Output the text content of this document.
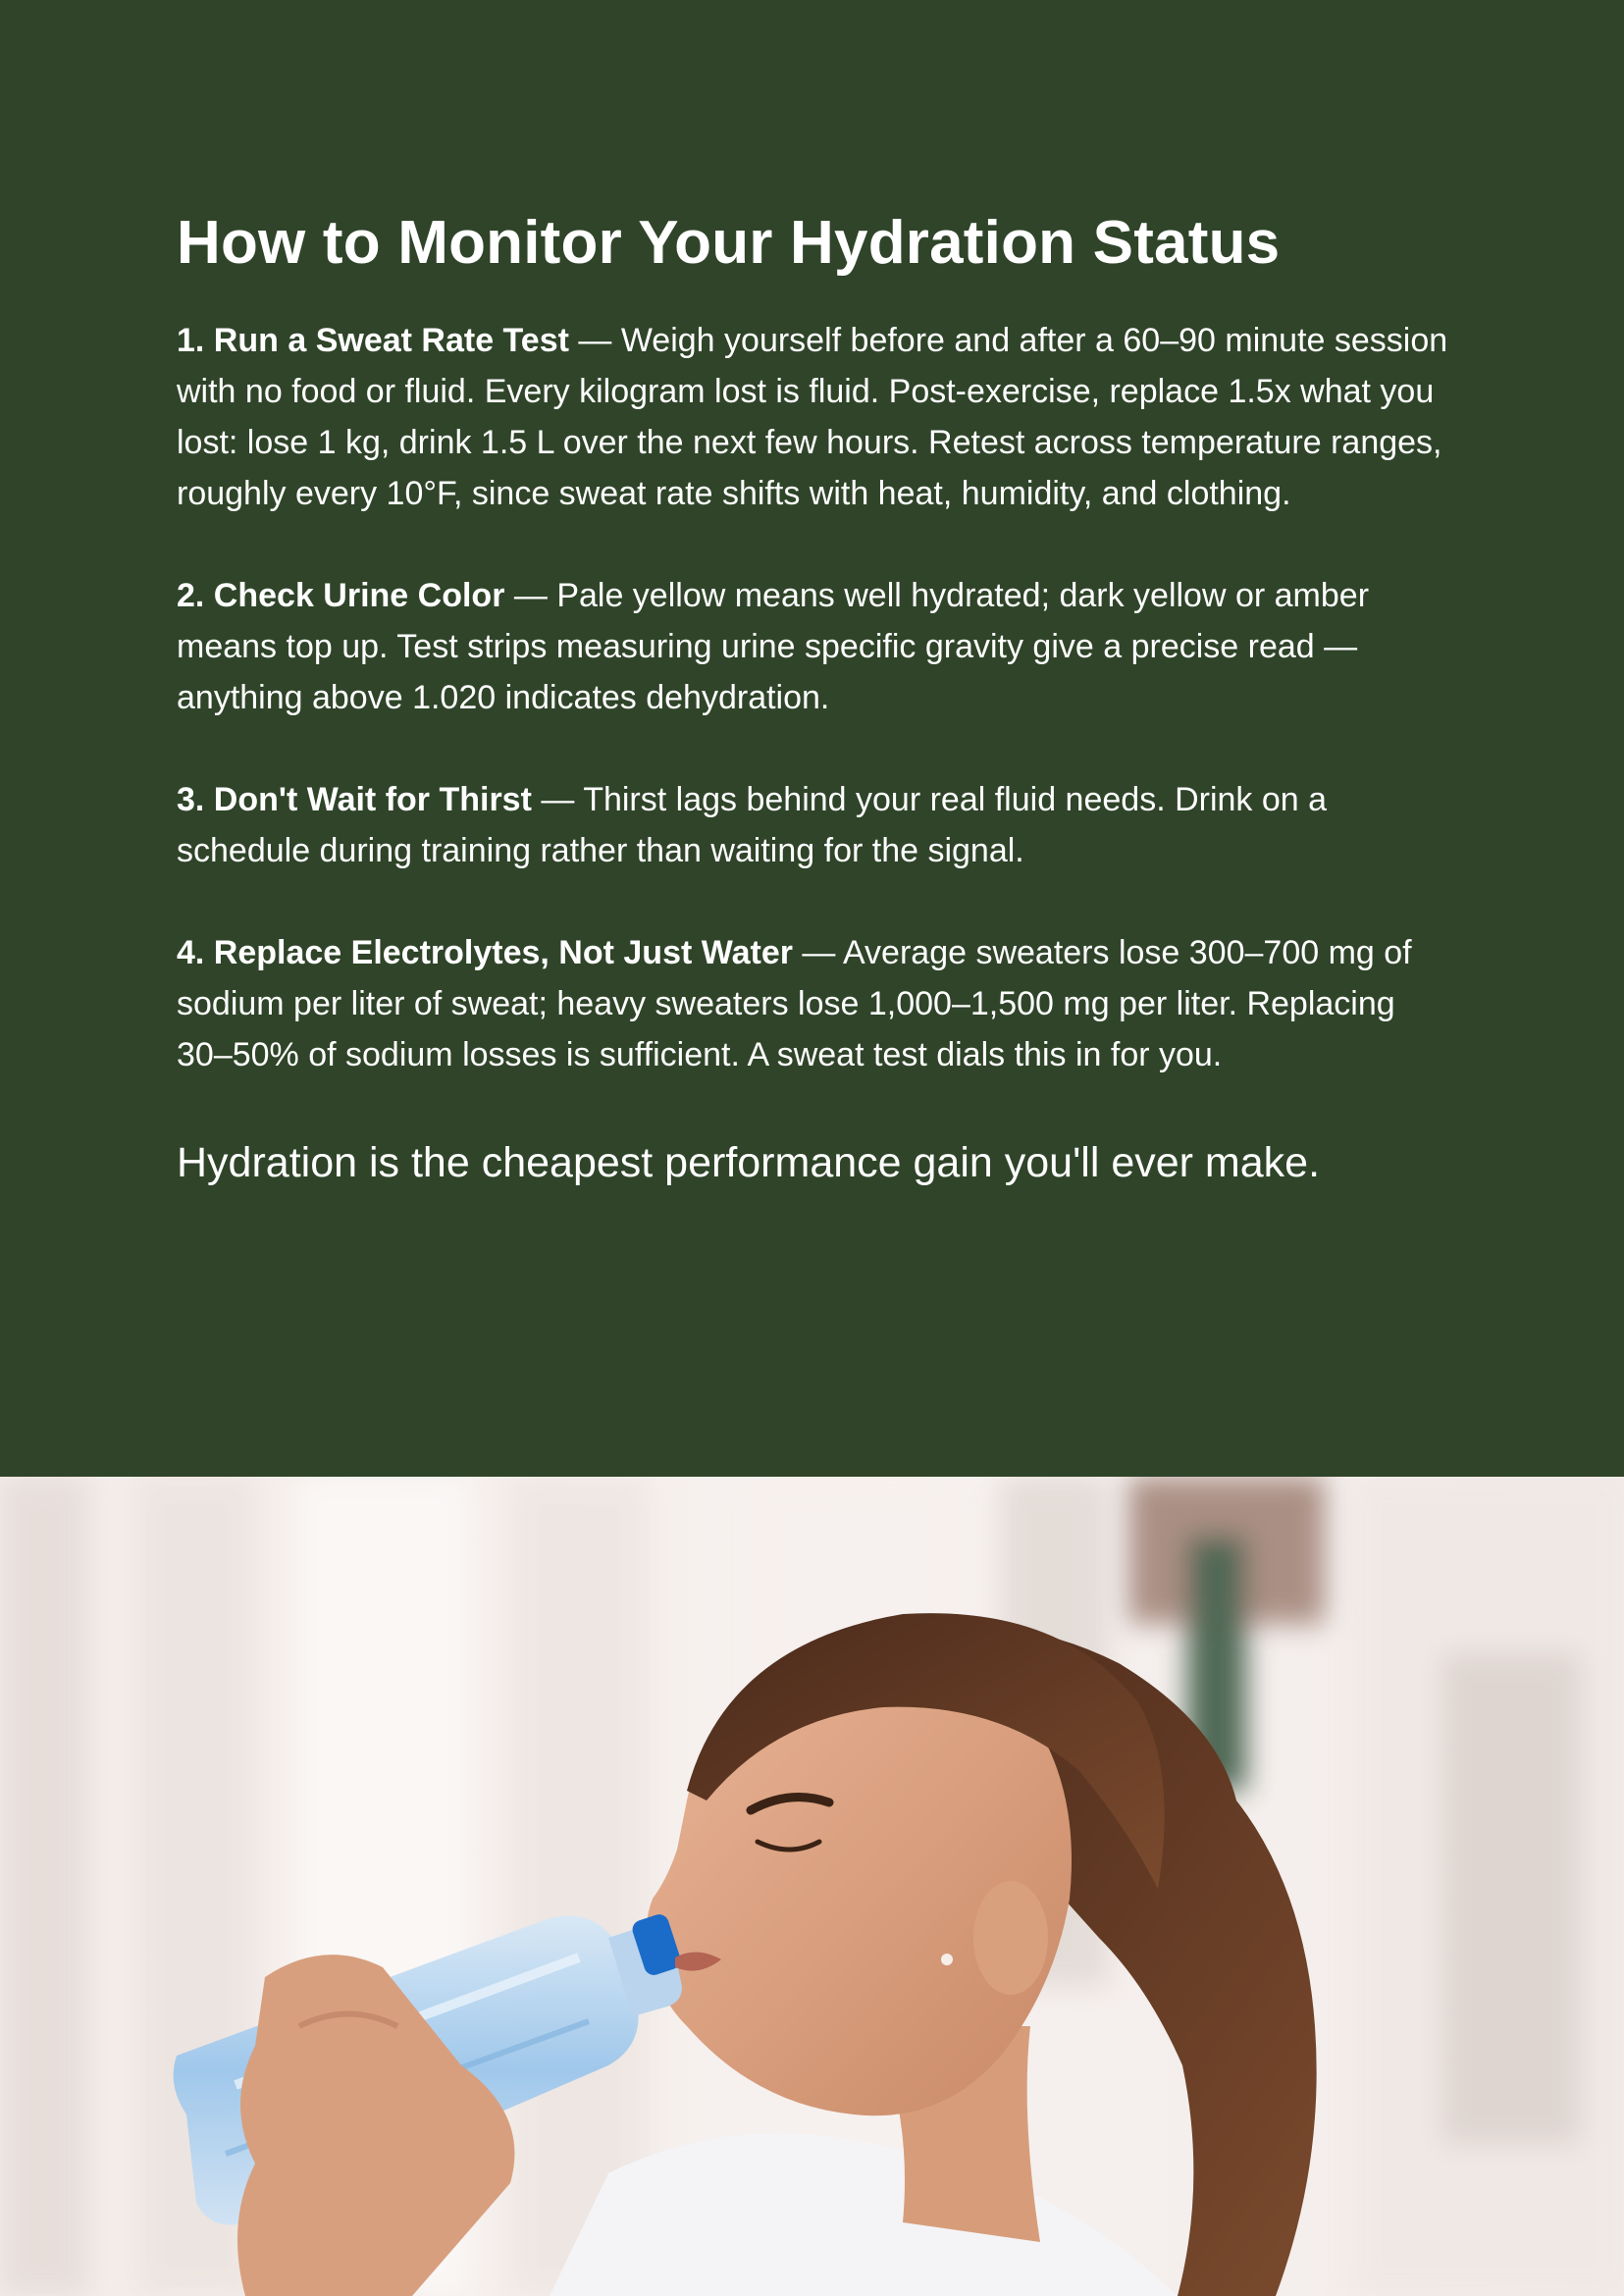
How to Monitor Your Hydration Status

1. Run a Sweat Rate Test — Weigh yourself before and after a 60–90 minute session with no food or fluid. Every kilogram lost is fluid. Post-exercise, replace 1.5x what you lost: lose 1 kg, drink 1.5 L over the next few hours. Retest across temperature ranges, roughly every 10°F, since sweat rate shifts with heat, humidity, and clothing.

2. Check Urine Color — Pale yellow means well hydrated; dark yellow or amber means top up. Test strips measuring urine specific gravity give a precise read — anything above 1.020 indicates dehydration.

3. Don't Wait for Thirst — Thirst lags behind your real fluid needs. Drink on a schedule during training rather than waiting for the signal.

4. Replace Electrolytes, Not Just Water — Average sweaters lose 300–700 mg of sodium per liter of sweat; heavy sweaters lose 1,000–1,500 mg per liter. Replacing 30–50% of sodium losses is sufficient. A sweat test dials this in for you.

Hydration is the cheapest performance gain you'll ever make.
